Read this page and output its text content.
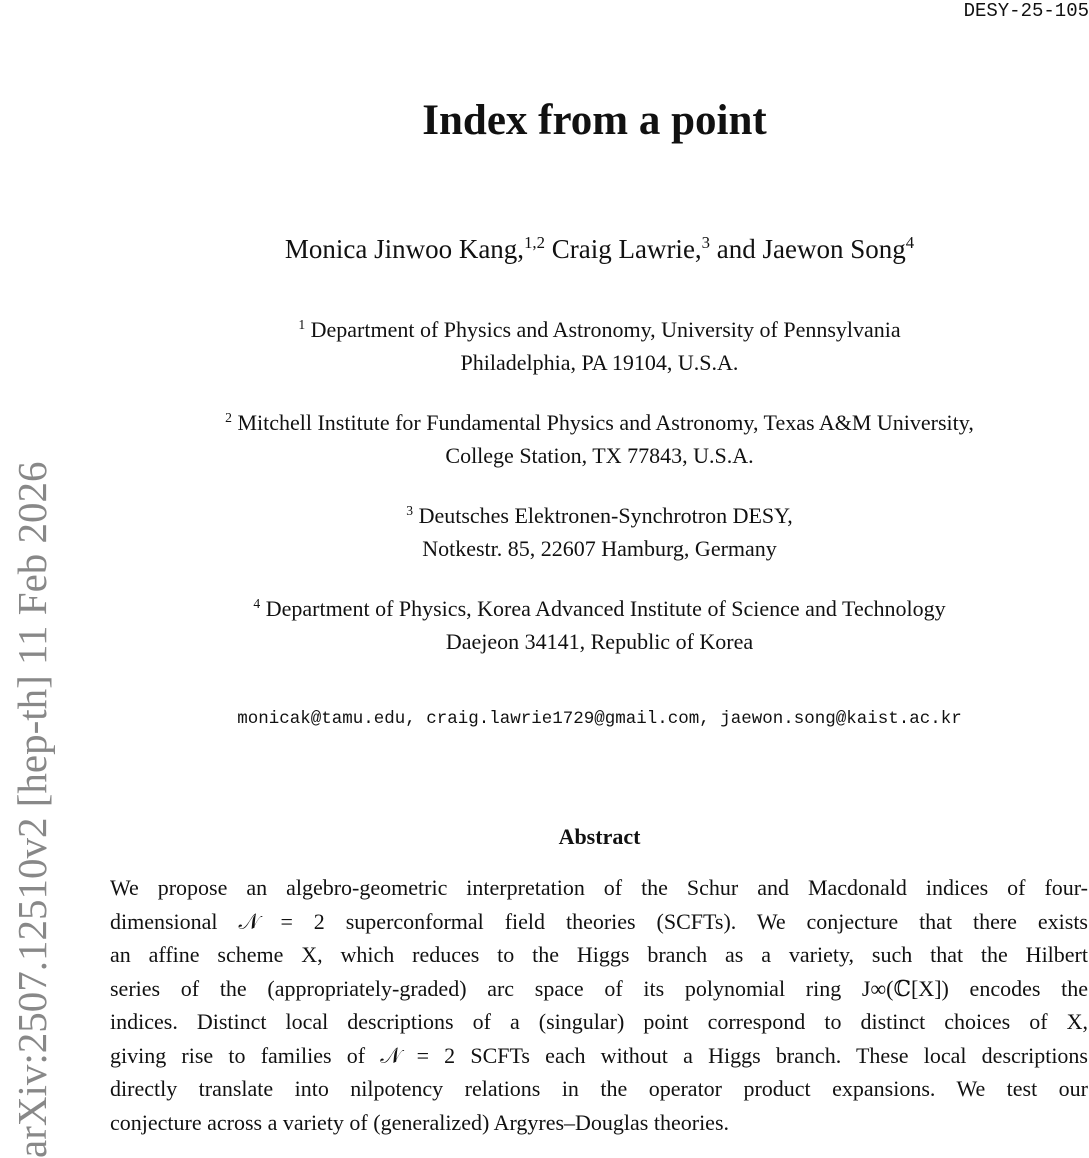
DESY-25-105
arXiv:2507.12510v2 [hep-th] 11 Feb 2026
Index from a point
Monica Jinwoo Kang,$^{1,2}$ Craig Lawrie,$^3$ and Jaewon Song$^4$
$^1$ Department of Physics and Astronomy, University of Pennsylvania
Philadelphia, PA 19104, U.S.A.
$^2$ Mitchell Institute for Fundamental Physics and Astronomy, Texas A&M University,
College Station, TX 77843, U.S.A.
$^3$ Deutsches Elektronen-Synchrotron DESY,
Notkestr. 85, 22607 Hamburg, Germany
$^4$ Department of Physics, Korea Advanced Institute of Science and Technology
Daejeon 34141, Republic of Korea
monicak@tamu.edu, craig.lawrie1729@gmail.com, jaewon.song@kaist.ac.kr
Abstract
We propose an algebro-geometric interpretation of the Schur and Macdonald indices of four-
dimensional 𝒩 = 2 superconformal field theories (SCFTs). We conjecture that there exists
an affine scheme X, which reduces to the Higgs branch as a variety, such that the Hilbert
series of the (appropriately-graded) arc space of its polynomial ring J∞(ℂ[X]) encodes the
indices. Distinct local descriptions of a (singular) point correspond to distinct choices of X,
giving rise to families of 𝒩 = 2 SCFTs each without a Higgs branch. These local descriptions
directly translate into nilpotency relations in the operator product expansions. We test our
conjecture across a variety of (generalized) Argyres–Douglas theories.
